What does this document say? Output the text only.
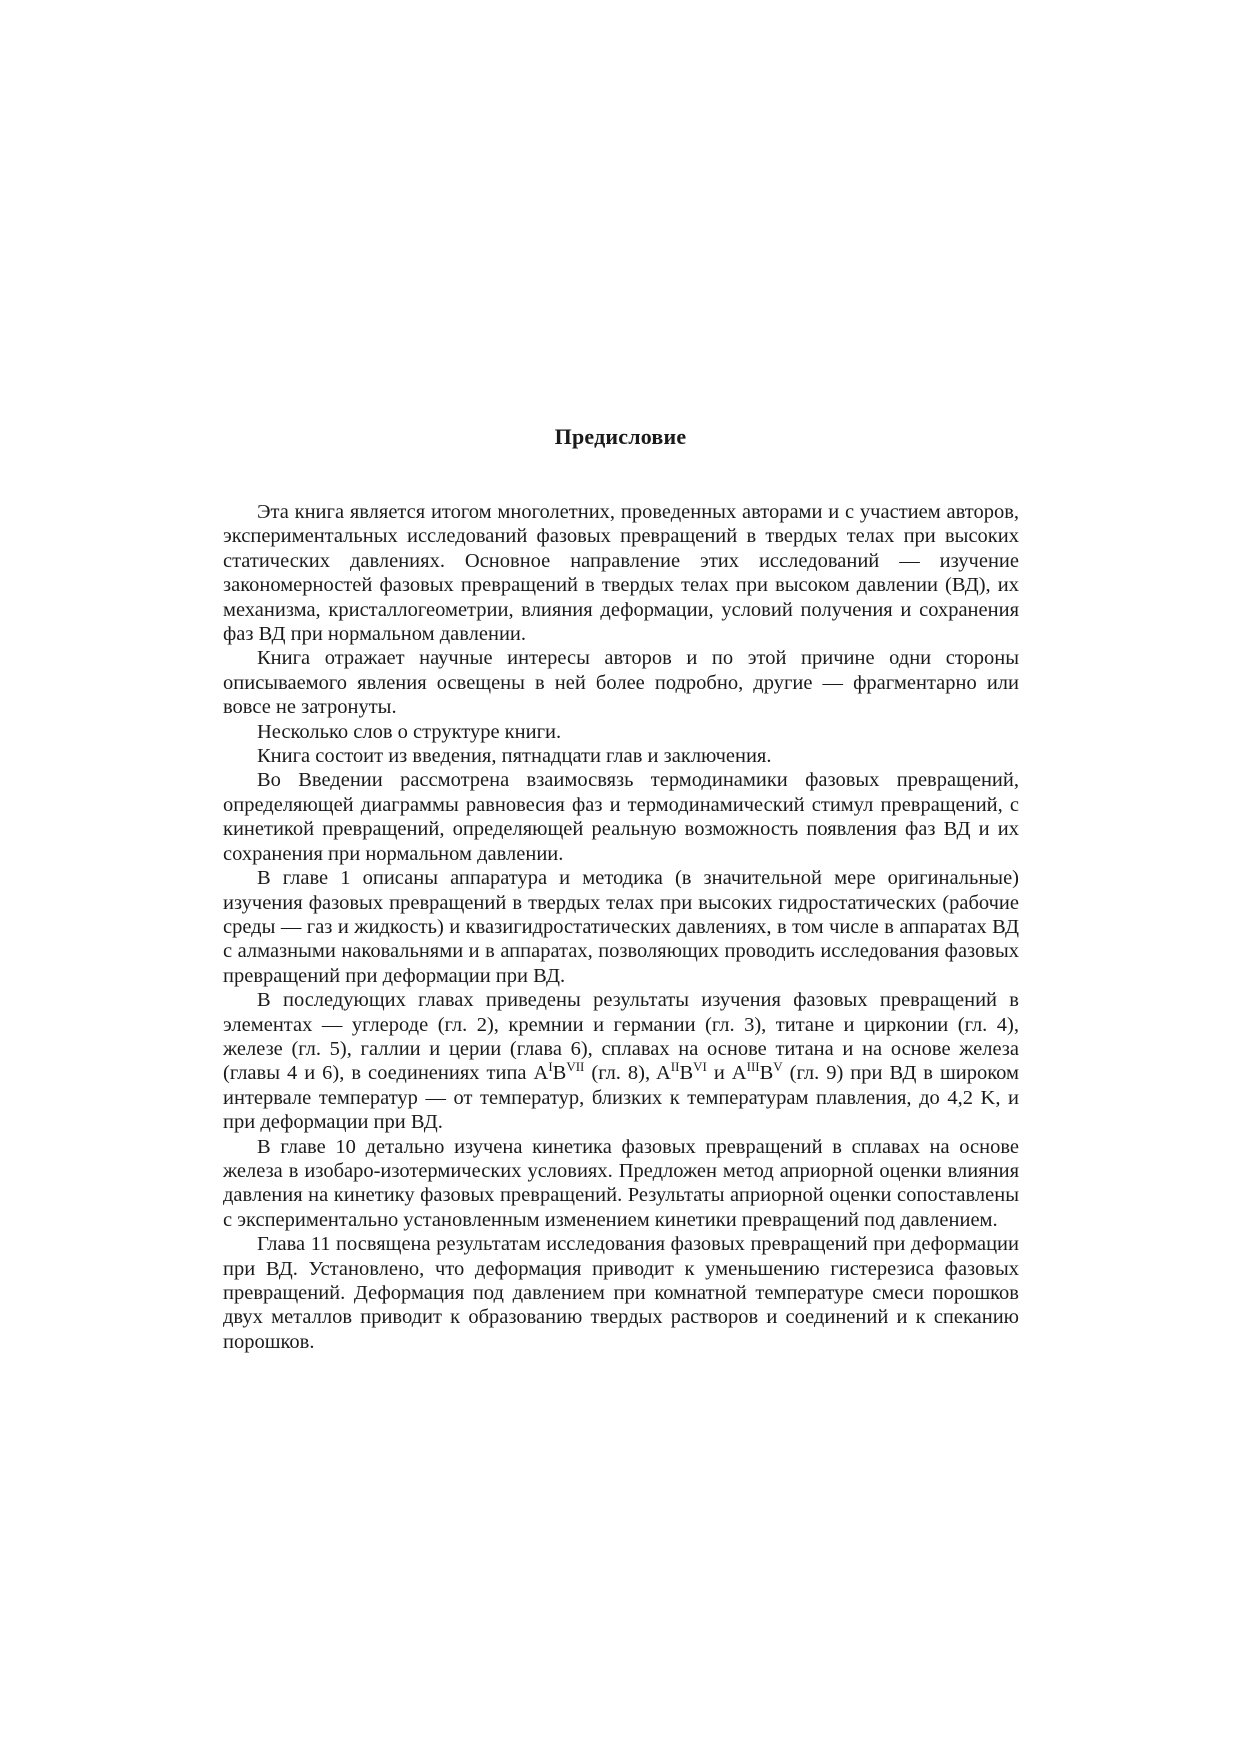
Предисловие

Эта книга является итогом многолетних, проведенных авторами и с участием авторов, экспериментальных исследований фазовых превращений в твердых телах при высоких статических давлениях. Основное направление этих исследований — изучение закономерностей фазовых превращений в твердых телах при высоком давлении (ВД), их механизма, кристаллогеометрии, влияния деформации, условий получения и сохранения фаз ВД при нормальном давлении.

Книга отражает научные интересы авторов и по этой причине одни стороны описываемого явления освещены в ней более подробно, другие — фрагментарно или вовсе не затронуты.

Несколько слов о структуре книги.

Книга состоит из введения, пятнадцати глав и заключения.

Во Введении рассмотрена взаимосвязь термодинамики фазовых превращений, определяющей диаграммы равновесия фаз и термодинамический стимул превращений, с кинетикой превращений, определяющей реальную возможность появления фаз ВД и их сохранения при нормальном давлении.

В главе 1 описаны аппаратура и методика (в значительной мере оригинальные) изучения фазовых превращений в твердых телах при высоких гидростатических (рабочие среды — газ и жидкость) и квазигидростатических давлениях, в том числе в аппаратах ВД с алмазными наковальнями и в аппаратах, позволяющих проводить исследования фазовых превращений при деформации при ВД.

В последующих главах приведены результаты изучения фазовых превращений в элементах — углероде (гл. 2), кремнии и германии (гл. 3), титане и цирконии (гл. 4), железе (гл. 5), галлии и церии (глава 6), сплавах на основе титана и на основе железа (главы 4 и 6), в соединениях типа $A^IB^{VII}$ (гл. 8), $A^{II}B^{VI}$ и $A^{III}B^V$ (гл. 9) при ВД в широком интервале температур — от температур, близких к температурам плавления, до 4,2 K, и при деформации при ВД.

В главе 10 детально изучена кинетика фазовых превращений в сплавах на основе железа в изобаро-изотермических условиях. Предложен метод априорной оценки влияния давления на кинетику фазовых превращений. Результаты априорной оценки сопоставлены с экспериментально установленным изменением кинетики превращений под давлением.

Глава 11 посвящена результатам исследования фазовых превращений при деформации при ВД. Установлено, что деформация приводит к уменьшению гистерезиса фазовых превращений. Деформация под давлением при комнатной температуре смеси порошков двух металлов приводит к образованию твердых растворов и соединений и к спеканию порошков.
